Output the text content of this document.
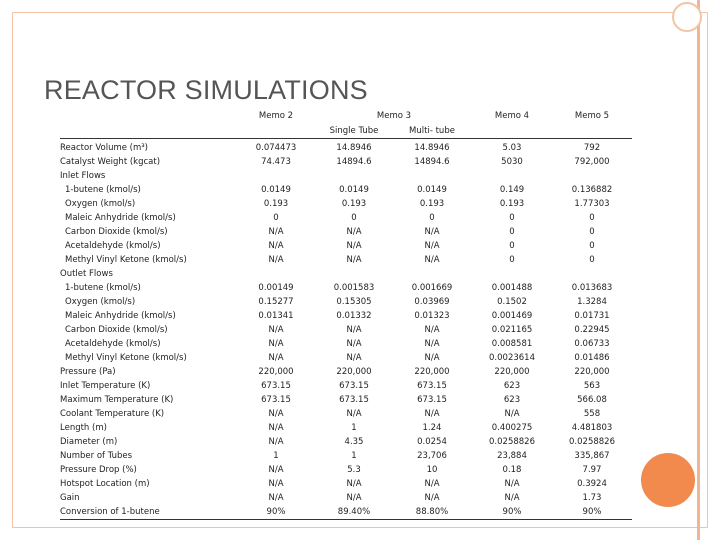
REACTOR SIMULATIONS
	Memo 2	Memo 3		Memo 4	Memo 5
		Single Tube	Multi- tube		
Reactor Volume (m³)	0.074473	14.8946	14.8946	5.03	792
Catalyst Weight (kgcat)	74.473	14894.6	14894.6	5030	792,000
Inlet Flows					
1-butene (kmol/s)	0.0149	0.0149	0.0149	0.149	0.136882
Oxygen (kmol/s)	0.193	0.193	0.193	0.193	1.77303
Maleic Anhydride (kmol/s)	0	0	0	0	0
Carbon Dioxide (kmol/s)	N/A	N/A	N/A	0	0
Acetaldehyde (kmol/s)	N/A	N/A	N/A	0	0
Methyl Vinyl Ketone (kmol/s)	N/A	N/A	N/A	0	0
Outlet Flows					
1-butene (kmol/s)	0.00149	0.001583	0.001669	0.001488	0.013683
Oxygen (kmol/s)	0.15277	0.15305	0.03969	0.1502	1.3284
Maleic Anhydride (kmol/s)	0.01341	0.01332	0.01323	0.001469	0.01731
Carbon Dioxide (kmol/s)	N/A	N/A	N/A	0.021165	0.22945
Acetaldehyde (kmol/s)	N/A	N/A	N/A	0.008581	0.06733
Methyl Vinyl Ketone (kmol/s)	N/A	N/A	N/A	0.0023614	0.01486
Pressure (Pa)	220,000	220,000	220,000	220,000	220,000
Inlet Temperature (K)	673.15	673.15	673.15	623	563
Maximum Temperature (K)	673.15	673.15	673.15	623	566.08
Coolant Temperature (K)	N/A	N/A	N/A	N/A	558
Length (m)	N/A	1	1.24	0.400275	4.481803
Diameter (m)	N/A	4.35	0.0254	0.0258826	0.0258826
Number of Tubes	1	1	23,706	23,884	335,867
Pressure Drop (%)	N/A	5.3	10	0.18	7.97
Hotspot Location (m)	N/A	N/A	N/A	N/A	0.3924
Gain	N/A	N/A	N/A	N/A	1.73
Conversion of 1-butene	90%	89.40%	88.80%	90%	90%
